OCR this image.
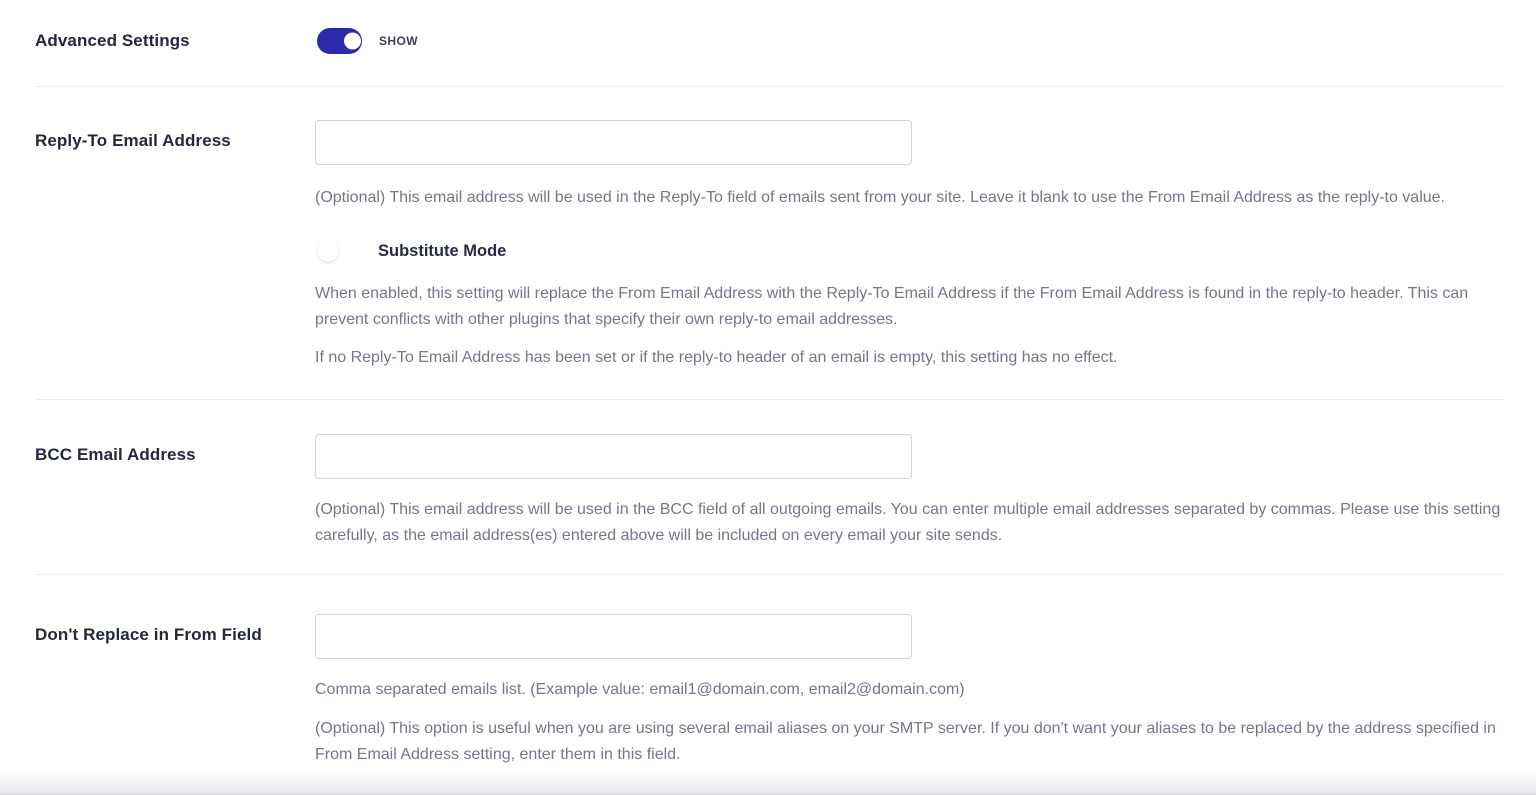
Advanced Settings	SHOW
Reply-To Email Address

(Optional) This email address will be used in the Reply-To field of emails sent from your site. Leave it blank to use the From Email Address as the reply-to value.

Substitute Mode

When enabled, this setting will replace the From Email Address with the Reply-To Email Address if the From Email Address is found in the reply-to header. This can prevent conflicts with other plugins that specify their own reply-to email addresses.

If no Reply-To Email Address has been set or if the reply-to header of an email is empty, this setting has no effect.

BCC Email Address

(Optional) This email address will be used in the BCC field of all outgoing emails. You can enter multiple email addresses separated by commas. Please use this setting carefully, as the email address(es) entered above will be included on every email your site sends.

Don't Replace in From Field

Comma separated emails list. (Example value: email1@domain.com, email2@domain.com)

(Optional) This option is useful when you are using several email aliases on your SMTP server. If you don't want your aliases to be replaced by the address specified in From Email Address setting, enter them in this field.
